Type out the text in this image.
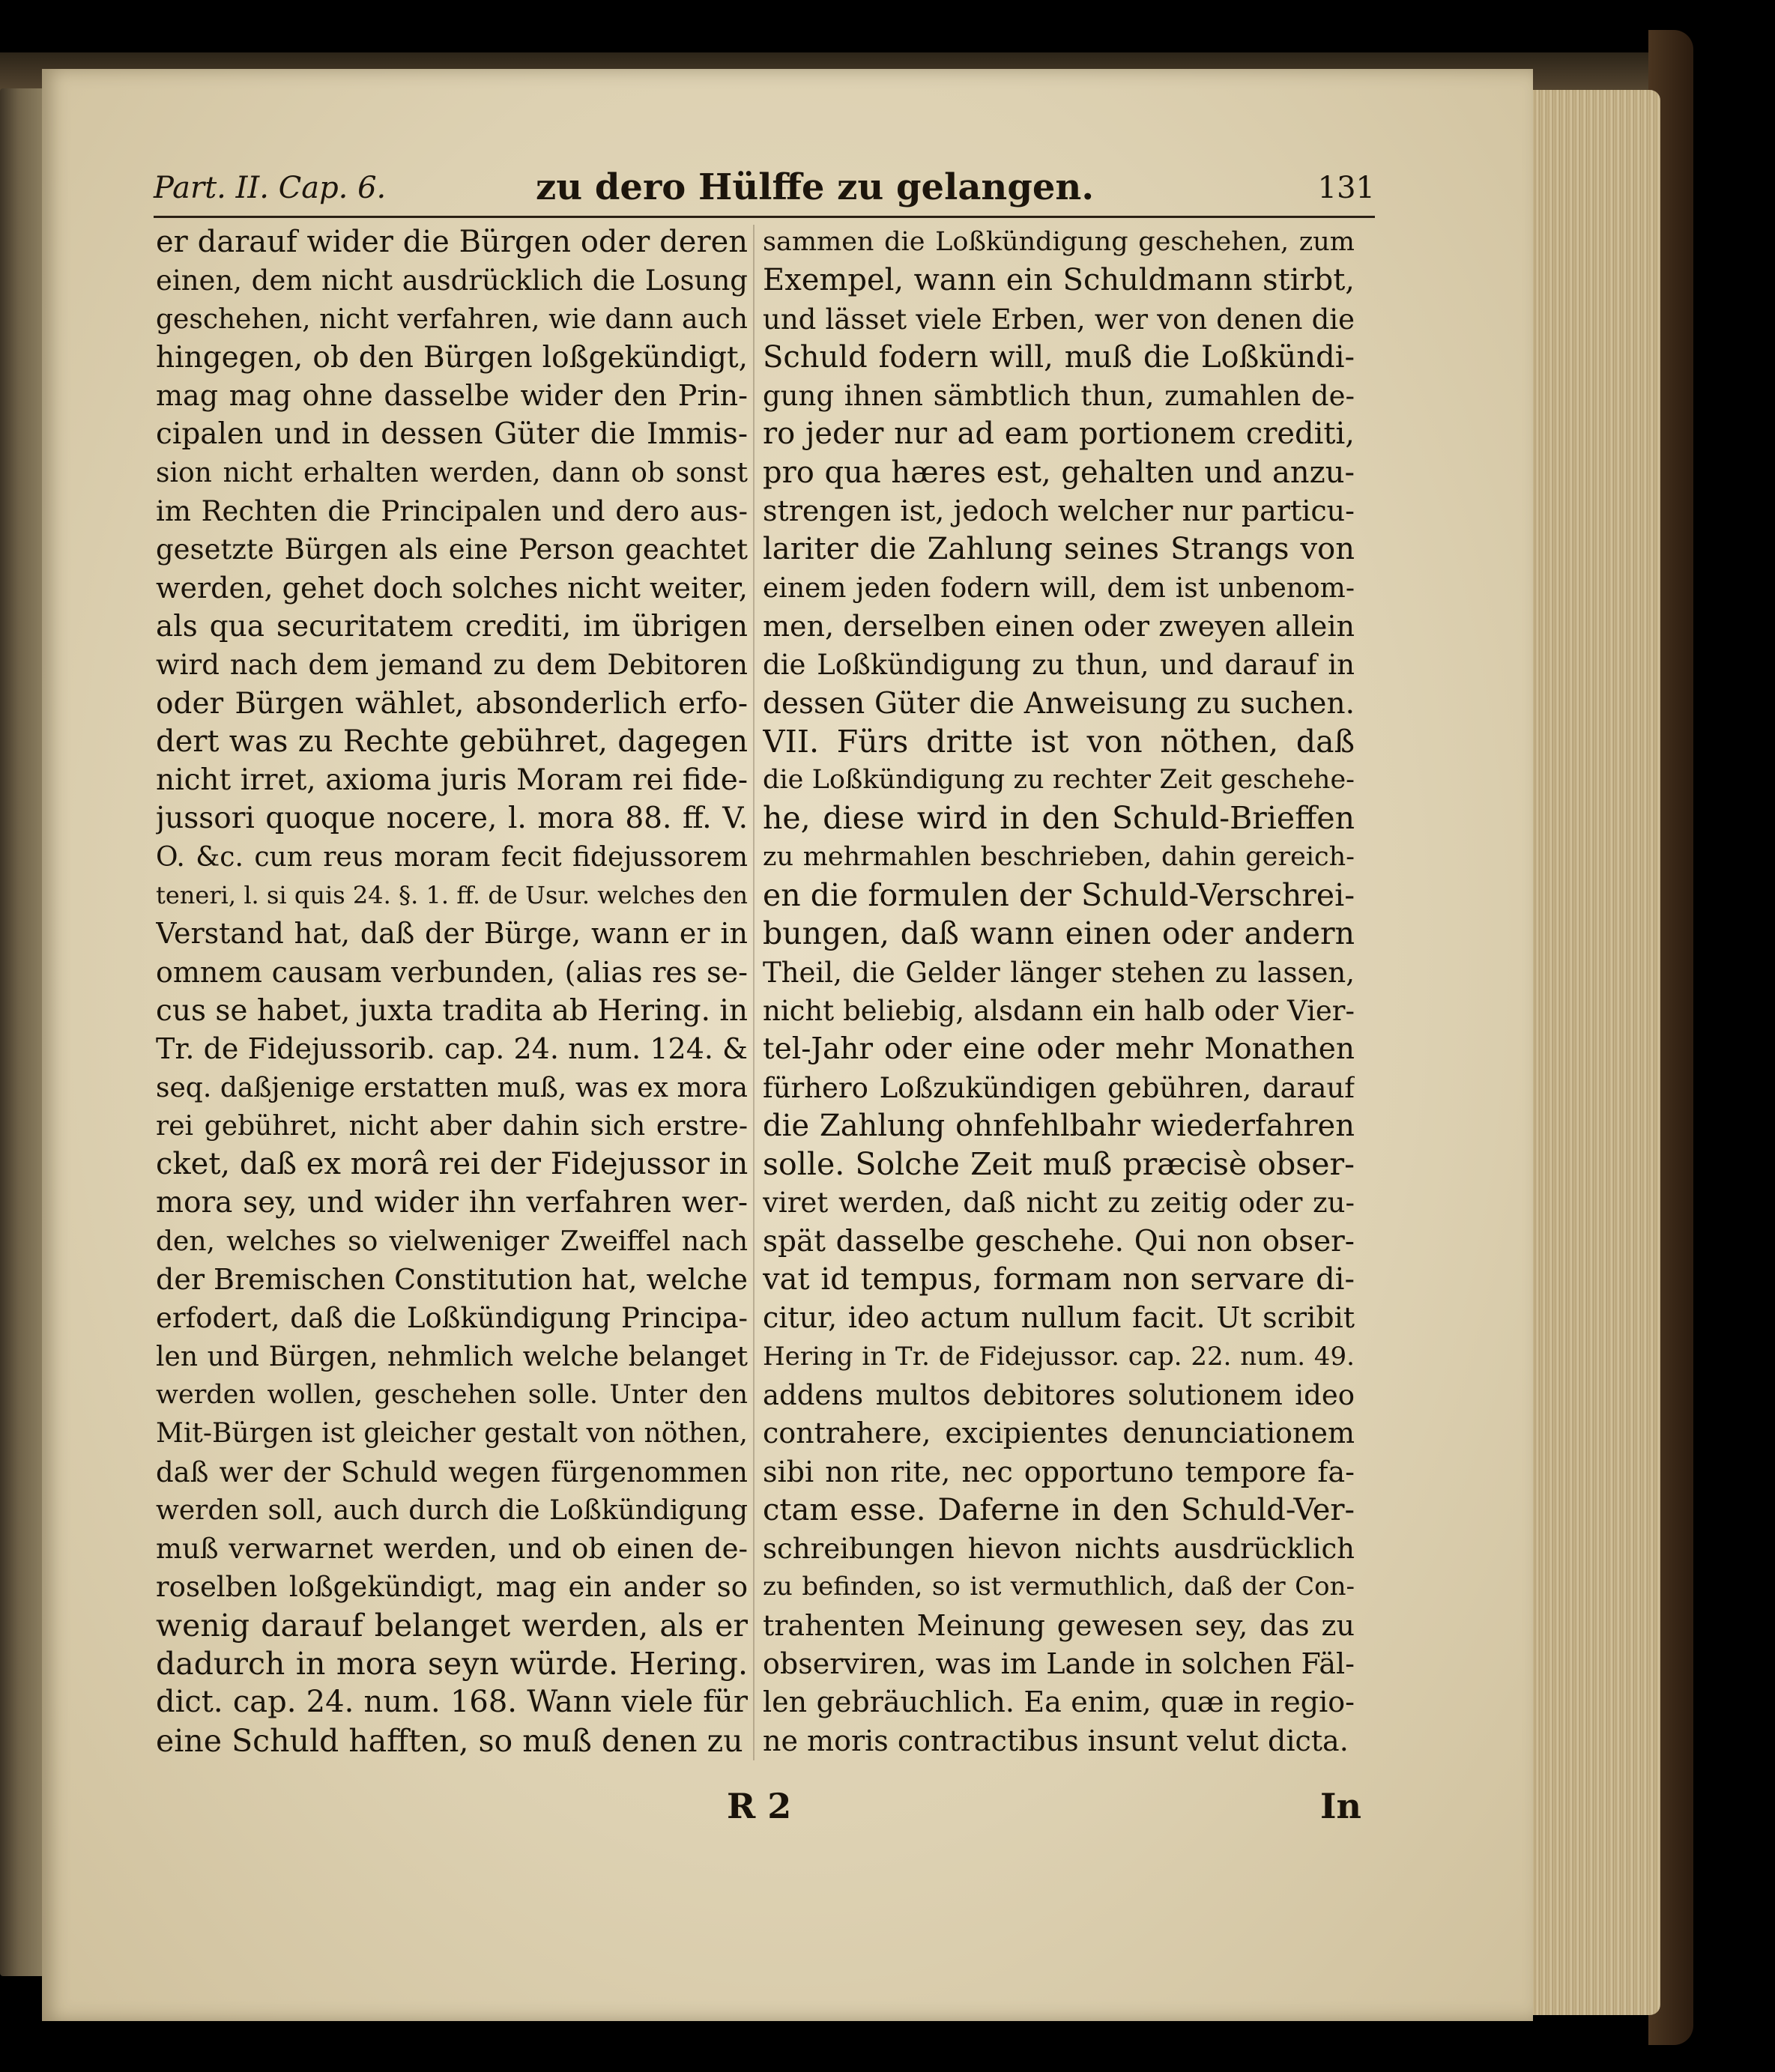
Part. II. Cap. 6.	zu dero Hülffe zu gelangen.	131
er darauf wider die Bürgen oder deren
einen, dem nicht ausdrücklich die Losung
geschehen, nicht verfahren, wie dann auch
hingegen, ob den Bürgen loßgekündigt,
mag mag ohne dasselbe wider den Prin-
cipalen und in dessen Güter die Immis-
sion nicht erhalten werden, dann ob sonst
im Rechten die Principalen und dero aus-
gesetzte Bürgen als eine Person geachtet
werden, gehet doch solches nicht weiter,
als qua securitatem crediti, im übrigen
wird nach dem jemand zu dem Debitoren
oder Bürgen wählet, absonderlich erfo-
dert was zu Rechte gebühret, dagegen
nicht irret, axioma juris Moram rei fide-
jussori quoque nocere, l. mora 88. ff. V.
O. &c. cum reus moram fecit fidejussorem
teneri, l. si quis 24. §. 1. ff. de Usur. welches den
Verstand hat, daß der Bürge, wann er in
omnem causam verbunden, (alias res se-
cus se habet, juxta tradita ab Hering. in
Tr. de Fidejussorib. cap. 24. num. 124. &
seq. daßjenige erstatten muß, was ex mora
rei gebühret, nicht aber dahin sich erstre-
cket, daß ex morâ rei der Fidejussor in
mora sey, und wider ihn verfahren wer-
den, welches so vielweniger Zweiffel nach
der Bremischen Constitution hat, welche
erfodert, daß die Loßkündigung Principa-
len und Bürgen, nehmlich welche belanget
werden wollen, geschehen solle. Unter den
Mit-Bürgen ist gleicher gestalt von nöthen,
daß wer der Schuld wegen fürgenommen
werden soll, auch durch die Loßkündigung
muß verwarnet werden, und ob einen de-
roselben loßgekündigt, mag ein ander so
wenig darauf belanget werden, als er
dadurch in mora seyn würde. Hering.
dict. cap. 24. num. 168. Wann viele für
eine Schuld hafften, so muß denen zu
sammen die Loßkündigung geschehen, zum
Exempel, wann ein Schuldmann stirbt,
und lässet viele Erben, wer von denen die
Schuld fodern will, muß die Loßkündi-
gung ihnen sämbtlich thun, zumahlen de-
ro jeder nur ad eam portionem crediti,
pro qua hæres est, gehalten und anzu-
strengen ist, jedoch welcher nur particu-
lariter die Zahlung seines Strangs von
einem jeden fodern will, dem ist unbenom-
men, derselben einen oder zweyen allein
die Loßkündigung zu thun, und darauf in
dessen Güter die Anweisung zu suchen.
VII. Fürs dritte ist von nöthen, daß
die Loßkündigung zu rechter Zeit geschehe-
he, diese wird in den Schuld-Brieffen
zu mehrmahlen beschrieben, dahin gereich-
en die formulen der Schuld-Verschrei-
bungen, daß wann einen oder andern
Theil, die Gelder länger stehen zu lassen,
nicht beliebig, alsdann ein halb oder Vier-
tel-Jahr oder eine oder mehr Monathen
fürhero Loßzukündigen gebühren, darauf
die Zahlung ohnfehlbahr wiederfahren
solle. Solche Zeit muß præcisè obser-
viret werden, daß nicht zu zeitig oder zu-
spät dasselbe geschehe. Qui non obser-
vat id tempus, formam non servare di-
citur, ideo actum nullum facit. Ut scribit
Hering in Tr. de Fidejussor. cap. 22. num. 49.
addens multos debitores solutionem ideo
contrahere, excipientes denunciationem
sibi non rite, nec opportuno tempore fa-
ctam esse. Daferne in den Schuld-Ver-
schreibungen hievon nichts ausdrücklich
zu befinden, so ist vermuthlich, daß der Con-
trahenten Meinung gewesen sey, das zu
observiren, was im Lande in solchen Fäl-
len gebräuchlich. Ea enim, quæ in regio-
ne moris contractibus insunt velut dicta.
R 2	In
